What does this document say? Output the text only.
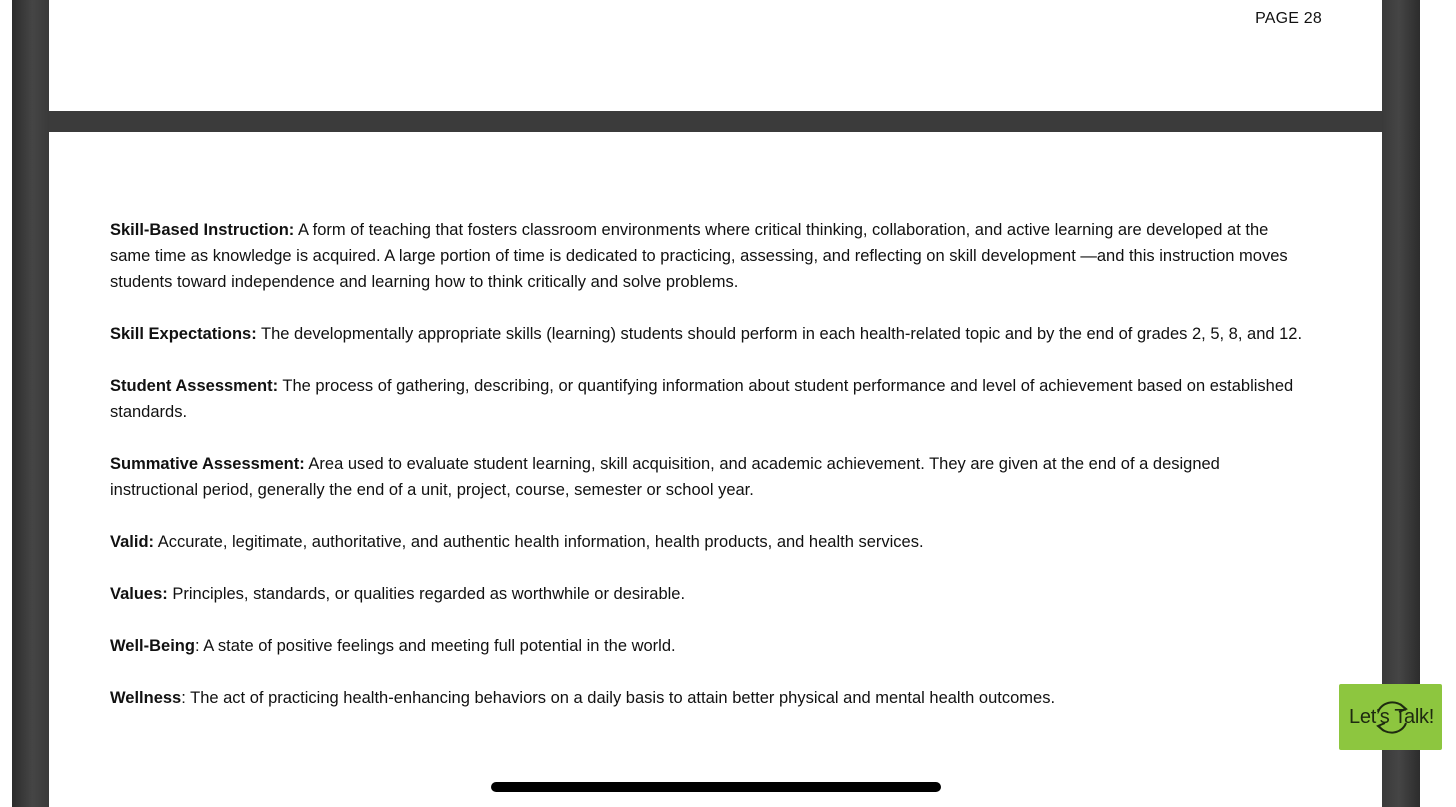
PAGE 28

Skill-Based Instruction: A form of teaching that fosters classroom environments where critical thinking, collaboration, and active learning are developed at the same time as knowledge is acquired. A large portion of time is dedicated to practicing, assessing, and reflecting on skill development —and this instruction moves students toward independence and learning how to think critically and solve problems.

Skill Expectations: The developmentally appropriate skills (learning) students should perform in each health-related topic and by the end of grades 2, 5, 8, and 12.

Student Assessment: The process of gathering, describing, or quantifying information about student performance and level of achievement based on established standards.

Summative Assessment: Area used to evaluate student learning, skill acquisition, and academic achievement. They are given at the end of a designed instructional period, generally the end of a unit, project, course, semester or school year.

Valid: Accurate, legitimate, authoritative, and authentic health information, health products, and health services.

Values: Principles, standards, or qualities regarded as worthwhile or desirable.

Well-Being: A state of positive feelings and meeting full potential in the world.

Wellness: The act of practicing health-enhancing behaviors on a daily basis to attain better physical and mental health outcomes.

Let’s Talk!
